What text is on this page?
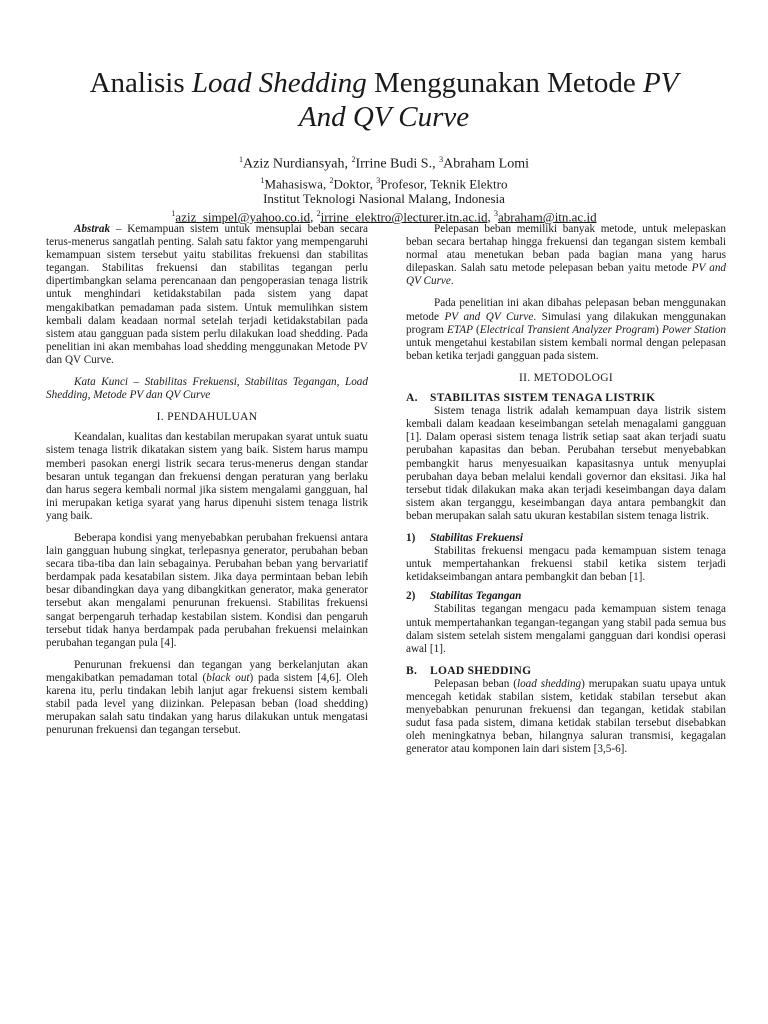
Analisis Load Shedding Menggunakan Metode PV
And QV Curve
$^1$Aziz Nurdiansyah, $^2$Irrine Budi S., $^3$Abraham Lomi
$^1$Mahasiswa, $^2$Doktor, $^3$Profesor, Teknik Elektro
Institut Teknologi Nasional Malang, Indonesia
$^1$aziz_simpel@yahoo.co.id, $^2$irrine_elektro@lecturer.itn.ac.id, $^3$abraham@itn.ac.id

Abstrak – Kemampuan sistem untuk mensuplai beban secara terus-menerus sangatlah penting. Salah satu faktor yang mempengaruhi kemampuan sistem tersebut yaitu stabilitas frekuensi dan stabilitas tegangan. Stabilitas frekuensi dan stabilitas tegangan perlu dipertimbangkan selama perencanaan dan pengoperasian tenaga listrik untuk menghindari ketidakstabilan pada sistem yang dapat mengakibatkan pemadaman pada sistem. Untuk memulihkan sistem kembali dalam keadaan normal setelah terjadi ketidakstabilan pada sistem atau gangguan pada sistem perlu dilakukan load shedding. Pada penelitian ini akan membahas load shedding menggunakan Metode PV dan QV Curve.

Kata Kunci – Stabilitas Frekuensi, Stabilitas Tegangan, Load Shedding, Metode PV dan QV Curve

I. PENDAHULUAN

Keandalan, kualitas dan kestabilan merupakan syarat untuk suatu sistem tenaga listrik dikatakan sistem yang baik. Sistem harus mampu memberi pasokan energi listrik secara terus-menerus dengan standar besaran untuk tegangan dan frekuensi dengan peraturan yang berlaku dan harus segera kembali normal jika sistem mengalami gangguan, hal ini merupakan ketiga syarat yang harus dipenuhi sistem tenaga listrik yang baik.

Beberapa kondisi yang menyebabkan perubahan frekuensi antara lain gangguan hubung singkat, terlepasnya generator, perubahan beban secara tiba-tiba dan lain sebagainya. Perubahan beban yang bervariatif berdampak pada kesatabilan sistem. Jika daya permintaan beban lebih besar dibandingkan daya yang dibangkitkan generator, maka generator tersebut akan mengalami penurunan frekuensi. Stabilitas frekuensi sangat berpengaruh terhadap kestabilan sistem. Kondisi dan pengaruh tersebut tidak hanya berdampak pada perubahan frekuensi melainkan perubahan tegangan pula [4].

Penurunan frekuensi dan tegangan yang berkelanjutan akan mengakibatkan pemadaman total (black out) pada sistem [4,6]. Oleh karena itu, perlu tindakan lebih lanjut agar frekuensi sistem kembali stabil pada level yang diizinkan. Pelepasan beban (load shedding) merupakan salah satu tindakan yang harus dilakukan untuk mengatasi penurunan frekuensi dan tegangan tersebut.

Pelepasan beban memiliki banyak metode, untuk melepaskan beban secara bertahap hingga frekuensi dan tegangan sistem kembali normal atau menetukan beban pada bagian mana yang harus dilepaskan. Salah satu metode pelepasan beban yaitu metode PV and QV Curve.

Pada penelitian ini akan dibahas pelepasan beban menggunakan metode PV and QV Curve. Simulasi yang dilakukan menggunakan program ETAP (Electrical Transient Analyzer Program) Power Station untuk mengetahui kestabilan sistem kembali normal dengan pelepasan beban ketika terjadi gangguan pada sistem.

II. METODOLOGI
A. STABILITAS SISTEM TENAGA LISTRIK

Sistem tenaga listrik adalah kemampuan daya listrik sistem kembali dalam keadaan keseimbangan setelah menagalami gangguan [1]. Dalam operasi sistem tenaga listrik setiap saat akan terjadi suatu perubahan kapasitas dan beban. Perubahan tersebut menyebabkan pembangkit harus menyesuaikan kapasitasnya untuk menyuplai perubahan daya beban melalui kendali governor dan eksitasi. Jika hal tersebut tidak dilakukan maka akan terjadi keseimbangan daya dalam sistem akan terganggu, keseimbangan daya antara pembangkit dan beban merupakan salah satu ukuran kestabilan sistem tenaga listrik.

1) Stabilitas Frekuensi

Stabilitas frekuensi mengacu pada kemampuan sistem tenaga untuk mempertahankan frekuensi stabil ketika sistem terjadi ketidakseimbangan antara pembangkit dan beban [1].

2) Stabilitas Tegangan

Stabilitas tegangan mengacu pada kemampuan sistem tenaga untuk mempertahankan tegangan-tegangan yang stabil pada semua bus dalam sistem setelah sistem mengalami gangguan dari kondisi operasi awal [1].

B. LOAD SHEDDING

Pelepasan beban (load shedding) merupakan suatu upaya untuk mencegah ketidak stabilan sistem, ketidak stabilan tersebut akan menyebabkan penurunan frekuensi dan tegangan, ketidak stabilan sudut fasa pada sistem, dimana ketidak stabilan tersebut disebabkan oleh meningkatnya beban, hilangnya saluran transmisi, kegagalan generator atau komponen lain dari sistem [3,5-6].
